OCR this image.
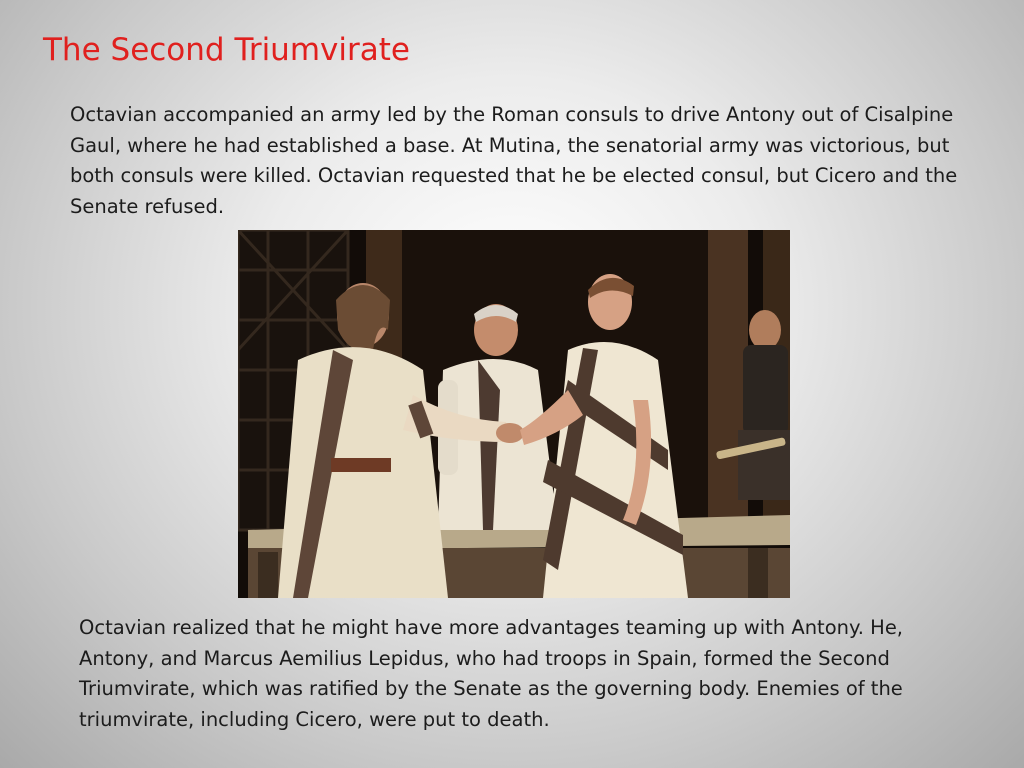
The Second Triumvirate

Octavian accompanied an army led by the Roman consuls to drive Antony out of Cisalpine Gaul, where he had established a base. At Mutina, the senatorial army was victorious, but both consuls were killed. Octavian requested that he be elected consul, but Cicero and the Senate refused.

Octavian realized that he might have more advantages teaming up with Antony. He, Antony, and Marcus Aemilius Lepidus, who had troops in Spain, formed the Second Triumvirate, which was ratified by the Senate as the governing body. Enemies of the triumvirate, including Cicero, were put to death.
